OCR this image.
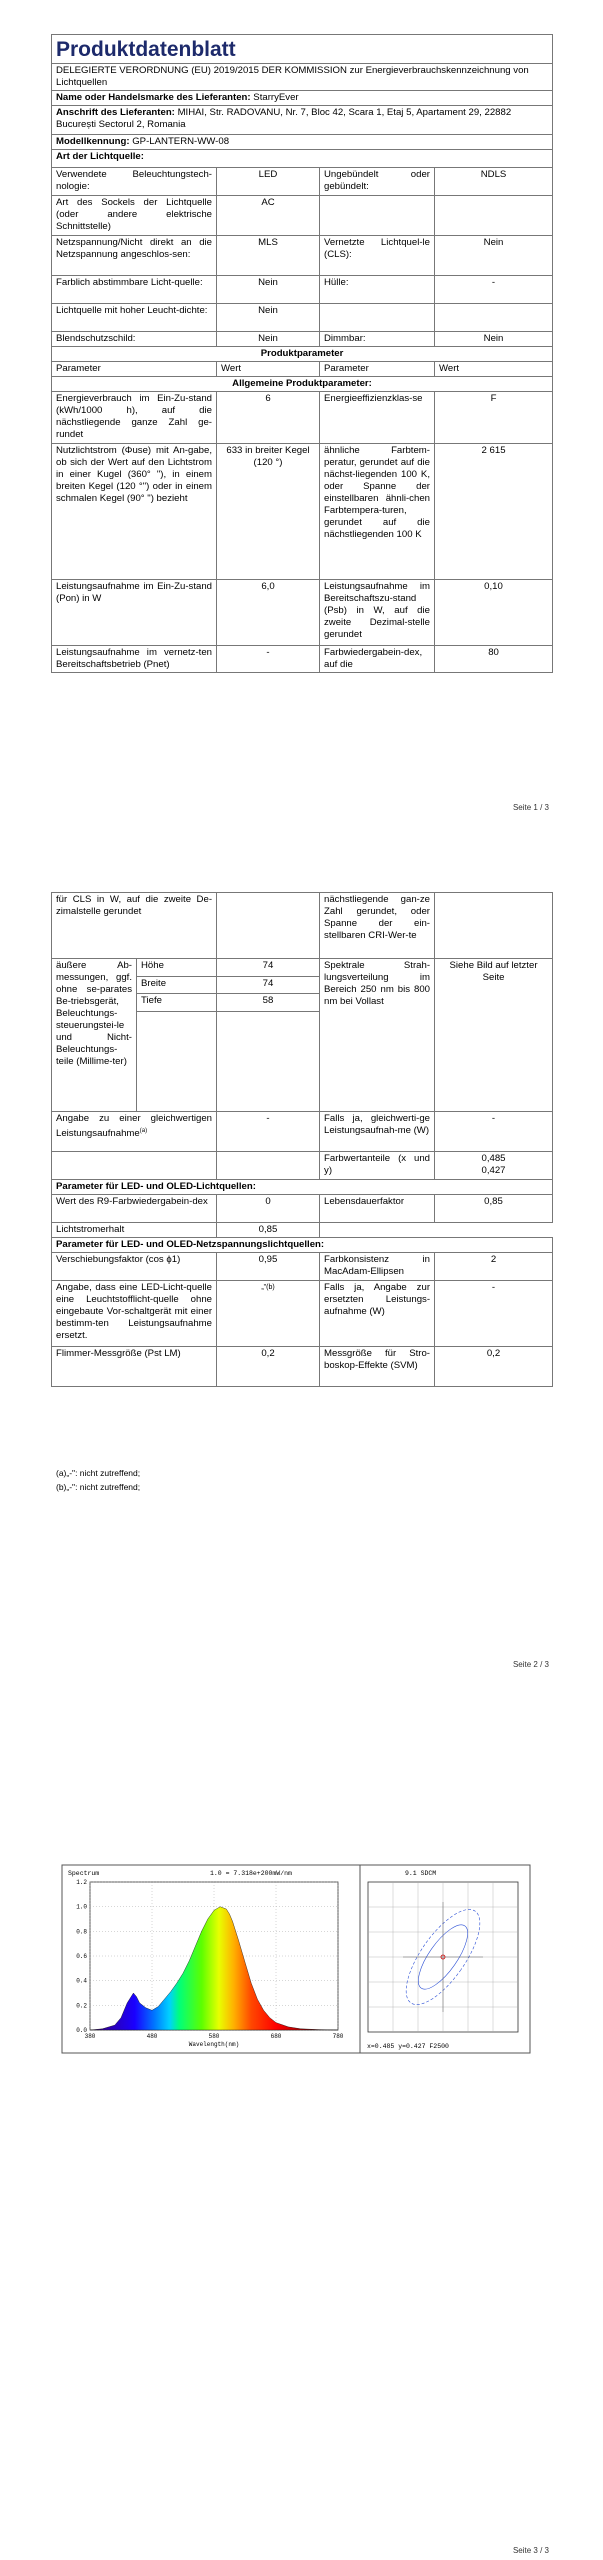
Produktdatenblatt			
DELEGIERTE VERORDNUNG (EU) 2019/2015 DER KOMMISSION zur Energieverbrauchskennzeichnung von Lichtquellen			
Name oder Handelsmarke des Lieferanten: StarryEver			
Anschrift des Lieferanten: MIHAI, Str. RADOVANU, Nr. 7, Bloc 42, Scara 1, Etaj 5, Apartament 29, 22882 București Sectorul 2, Romania			
Modellkennung: GP-LANTERN-WW-08			
Art der Lichtquelle:			
Verwendete Beleuchtungstech-nologie:	LED	Ungebündelt oder gebündelt:	NDLS
Art des Sockels der Lichtquelle (oder andere elektrische Schnittstelle)	AC		
Netzspannung/Nicht direkt an die Netzspannung angeschlos-sen:	MLS	Vernetzte Lichtquel-le (CLS):	Nein
Farblich abstimmbare Licht-quelle:	Nein	Hülle:	-
Lichtquelle mit hoher Leucht-dichte:	Nein		
Blendschutzschild:	Nein	Dimmbar:	Nein
Produktparameter			
Parameter	Wert	Parameter	Wert
Allgemeine Produktparameter:			
Energieverbrauch im Ein-Zu-stand (kWh/1000 h), auf die nächstliegende ganze Zahl ge-rundet	6	Energieeffizienzklas-se	F
Nutzlichtstrom (Φuse) mit An-gabe, ob sich der Wert auf den Lichtstrom in einer Kugel (360° "), in einem breiten Kegel (120 °") oder in einem schmalen Kegel (90° ") bezieht	633 in breiter Kegel (120 °)	ähnliche Farbtem-peratur, gerundet auf die nächst-liegenden 100 K, oder Spanne der einstellbaren ähnli-chen Farbtempera-turen, gerundet auf die nächstliegenden 100 K	2 615
Leistungsaufnahme im Ein-Zu-stand (Pon) in W	6,0	Leistungsaufnahme im Bereitschaftszu-stand (Psb) in W, auf die zweite Dezimal-stelle gerundet	0,10
Leistungsaufnahme im vernetz-ten Bereitschaftsbetrieb (Pnet)	-	Farbwiedergabein-dex, auf die	80
Seite 1 / 3
für CLS in W, auf die zweite De-zimalstelle gerundet			nächstliegende gan-ze Zahl gerundet, oder Spanne der ein-stellbaren CRI-Wer-te	
äußere Ab-messungen, ggf. ohne se-parates Be-triebsgerät, Beleuchtungs-steuerungstei-le und Nicht-Beleuchtungs-teile (Millime-ter)	Höhe	74	Spektrale Strah-lungsverteilung im Bereich 250 nm bis 800 nm bei Vollast	Siehe Bild auf letzter Seite
	Breite	74		
	Tiefe	58		

Angabe zu einer gleichwertigen Leistungsaufnahme$^{(a)}$		-	Falls ja, gleichwerti-ge Leistungsaufnah-me (W)	-
			Farbwertanteile (x und y)	0,485
0,427

Parameter für LED- und OLED-Lichtquellen:				
Wert des R9-Farbwiedergabein-dex		0	Lebensdauerfaktor	0,85
Lichtstromerhalt		0,85		
Parameter für LED- und OLED-Netzspannungslichtquellen:				
Verschiebungsfaktor (cos ϕ1)		0,95	Farbkonsistenz in MacAdam-Ellipsen	2
Angabe, dass eine LED-Licht-quelle eine Leuchtstofflicht-quelle ohne eingebaute Vor-schaltgerät mit einer bestimm-ten Leistungsaufnahme ersetzt.		„"(b)	Falls ja, Angabe zur ersetzten Leistungs-aufnahme (W)	-
Flimmer-Messgröße (Pst LM)		0,2	Messgröße für Stro-boskop-Effekte (SVM)	0,2
(a)„-": nicht zutreffend;
(b)„-": nicht zutreffend;
Seite 2 / 3
Spectrum	1.0 = 7.318e+200mW/nm
0.0
0.2
0.4
0.6
0.8
1.0
1.2
380	480	580	680	780
Wavelength(nm)
9.1 SDCM
x=0.485 y=0.427 F2500
Seite 3 / 3
